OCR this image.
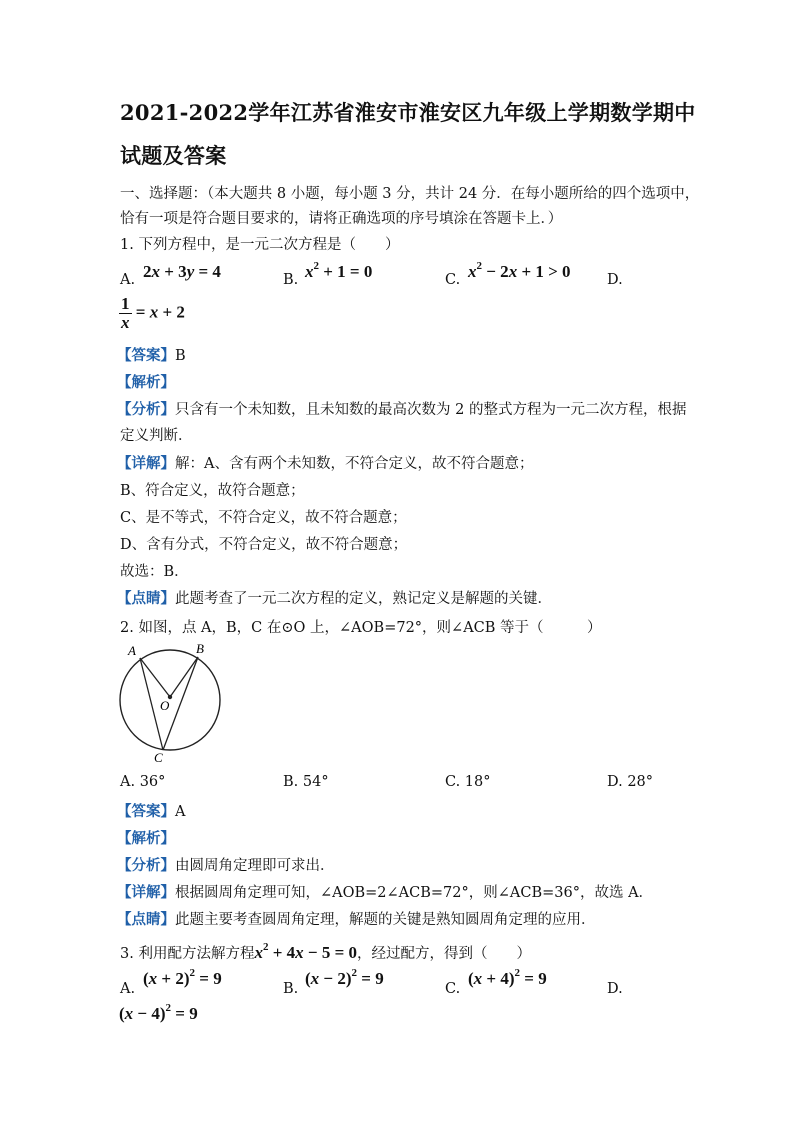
2021-2022学年江苏省淮安市淮安区九年级上学期数学期中
试题及答案
一、选择题：（本大题共 8 小题，每小题 3 分，共计 24 分．在每小题所给的四个选项中，
恰有一项是符合题目要求的，请将正确选项的序号填涂在答题卡上．）
1. 下列方程中，是一元二次方程是（　　）
A. 2x + 3y = 4	B. $x^2 + 1 = 0$	C. $x^2 - 2x + 1 > 0$	D.
$\frac{1}{x} = x + 2$
【答案】B
【解析】
【分析】只含有一个未知数，且未知数的最高次数为 2 的整式方程为一元二次方程，根据
定义判断．
【详解】解：A、含有两个未知数，不符合定义，故不符合题意；
B、符合定义，故符合题意；
C、是不等式，不符合定义，故不符合题意；
D、含有分式，不符合定义，故不符合题意；
故选：B．
【点睛】此题考查了一元二次方程的定义，熟记定义是解题的关键．
2. 如图，点 A，B，C 在⊙O 上，∠AOB=72°，则∠ACB 等于（　　　）
A	B
O
C
A. 36°	B. 54°	C. 18°	D. 28°
【答案】A
【解析】
【分析】由圆周角定理即可求出．
【详解】根据圆周角定理可知，∠AOB=2∠ACB=72°，则∠ACB=36°，故选 A．
【点睛】此题主要考查圆周角定理，解题的关键是熟知圆周角定理的应用．
3. 利用配方法解方程$x^2 + 4x - 5 = 0$，经过配方，得到（　　）
A.
$(x + 2)^2 = 9$
B.
$(x - 2)^2 = 9$
C.
$(x + 4)^2 = 9$
D.
$(x - 4)^2 = 9$
